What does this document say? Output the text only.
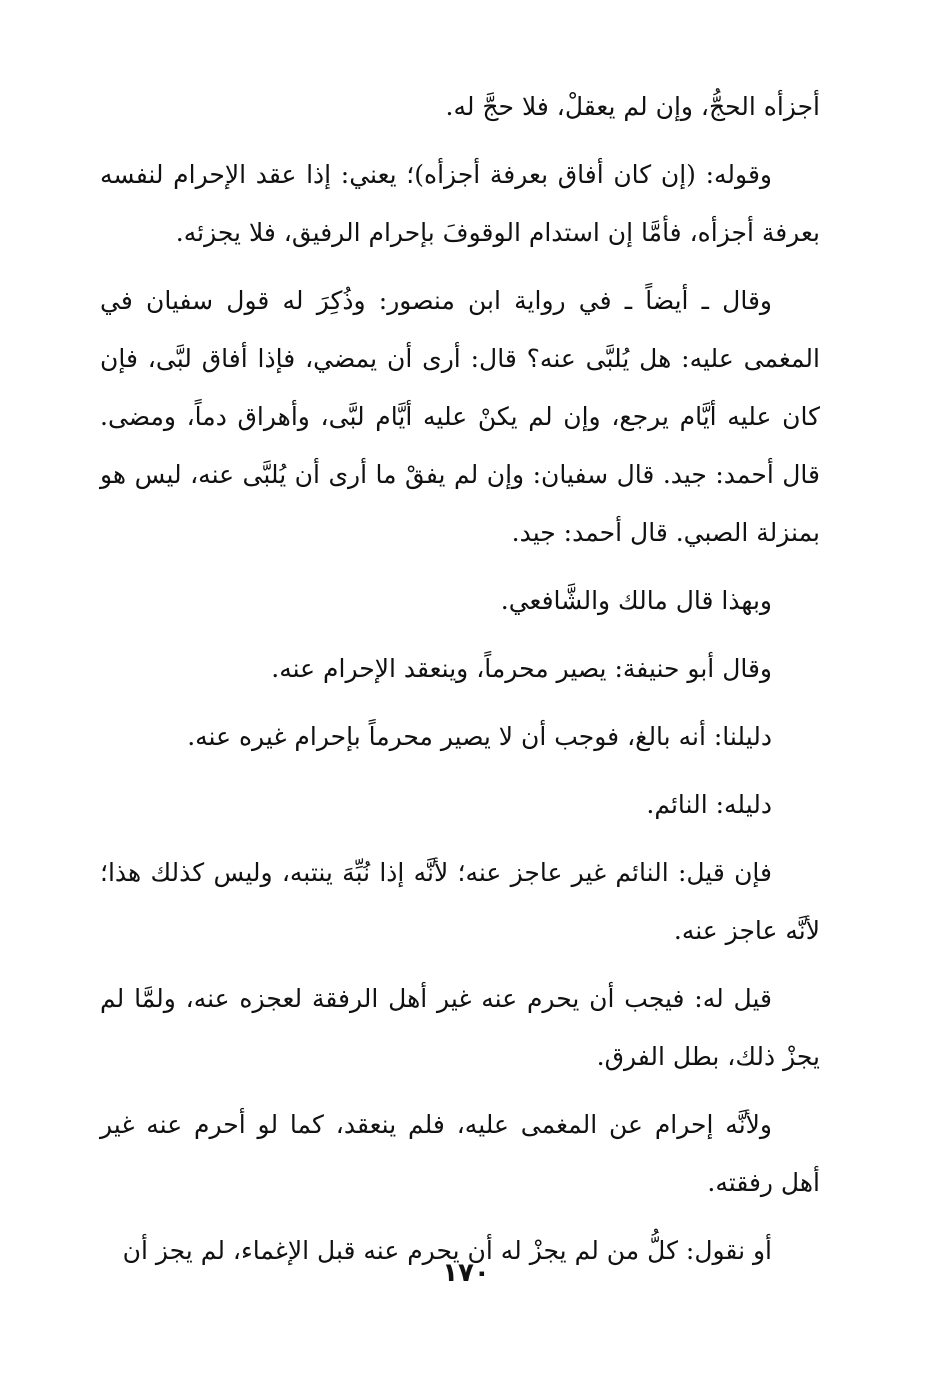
أجزأه الحجُّ، وإن لم يعقلْ، فلا حجَّ له.

وقوله: (إن كان أفاق بعرفة أجزأه)؛ يعني: إذا عقد الإحرام لنفسه بعرفة أجزأه، فأمَّا إن استدام الوقوفَ بإحرام الرفيق، فلا يجزئه.

وقال ـ أيضاً ـ في رواية ابن منصور: وذُكِرَ له قول سفيان في المغمى عليه: هل يُلبَّى عنه؟ قال: أرى أن يمضي، فإذا أفاق لبَّى، فإن كان عليه أيَّام يرجع، وإن لم يكنْ عليه أيَّام لبَّى، وأهراق دماً، ومضى. قال أحمد: جيد. قال سفيان: وإن لم يفقْ ما أرى أن يُلبَّى عنه، ليس هو بمنزلة الصبي. قال أحمد: جيد.

وبهذا قال مالك والشَّافعي.

وقال أبو حنيفة: يصير محرماً، وينعقد الإحرام عنه.

دليلنا: أنه بالغ، فوجب أن لا يصير محرماً بإحرام غيره عنه.

دليله: النائم.

فإن قيل: النائم غير عاجز عنه؛ لأنَّه إذا نُبِّهَ ينتبه، وليس كذلك هذا؛ لأنَّه عاجز عنه.

قيل له: فيجب أن يحرم عنه غير أهل الرفقة لعجزه عنه، ولمَّا لم يجزْ ذلك، بطل الفرق.

ولأنَّه إحرام عن المغمى عليه، فلم ينعقد، كما لو أحرم عنه غير أهل رفقته.

أو نقول: كلُّ من لم يجزْ له أن يحرم عنه قبل الإغماء، لم يجز أن

١٧٠
